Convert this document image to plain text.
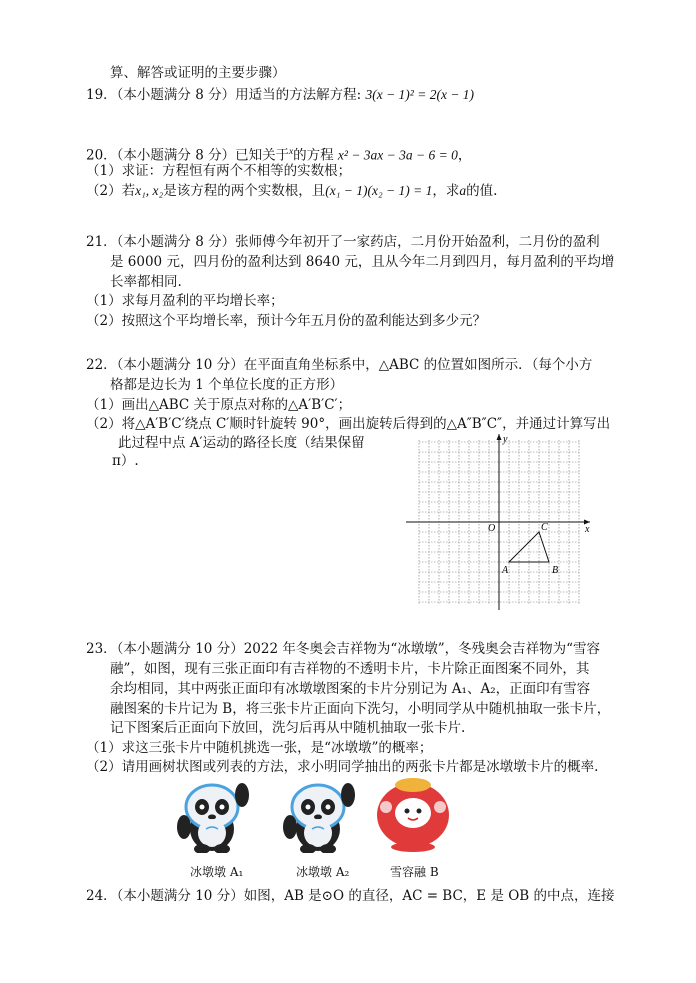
算、解答或证明的主要步骤）
19．（本小题满分 8 分）用适当的方法解方程: 3(x − 1)² = 2(x − 1)
20．（本小题满分 8 分）已知关于$^x$的方程 x² − 3ax − 3a − 6 = 0，
（1）求证：方程恒有两个不相等的实数根；
（2）若x₁, x₂是该方程的两个实数根，且(x₁ − 1)(x₂ − 1) = 1，求a的值.
21．（本小题满分 8 分）张师傅今年初开了一家药店，二月份开始盈利，二月份的盈利
是 6000 元，四月份的盈利达到 8640 元，且从今年二月到四月，每月盈利的平均增
长率都相同.
（1）求每月盈利的平均增长率；
（2）按照这个平均增长率，预计今年五月份的盈利能达到多少元？
22．（本小题满分 10 分）在平面直角坐标系中，△ABC 的位置如图所示．（每个小方
格都是边长为 1 个单位长度的正方形）
（1）画出△ABC 关于原点对称的△A′B′C′；
（2）将△A′B′C′绕点 C′顺时针旋转 90°，画出旋转后得到的△A″B″C″，并通过计算写出
此过程中点 A′运动的路径长度（结果保留
π）.
y
x
O
A	B
C
23．（本小题满分 10 分）2022 年冬奥会吉祥物为“冰墩墩”，冬残奥会吉祥物为“雪容
融”，如图，现有三张正面印有吉祥物的不透明卡片，卡片除正面图案不同外，其
余均相同，其中两张正面印有冰墩墩图案的卡片分别记为 A₁、A₂，正面印有雪容
融图案的卡片记为 B，将三张卡片正面向下洗匀，小明同学从中随机抽取一张卡片，
记下图案后正面向下放回，洗匀后再从中随机抽取一张卡片.
（1）求这三张卡片中随机挑选一张，是“冰墩墩”的概率；
（2）请用画树状图或列表的方法，求小明同学抽出的两张卡片都是冰墩墩卡片的概率.
冰墩墩 A₁	冰墩墩 A₂	雪容融 B
24．（本小题满分 10 分）如图，AB 是⊙O 的直径，AC = BC，E 是 OB 的中点，连接
